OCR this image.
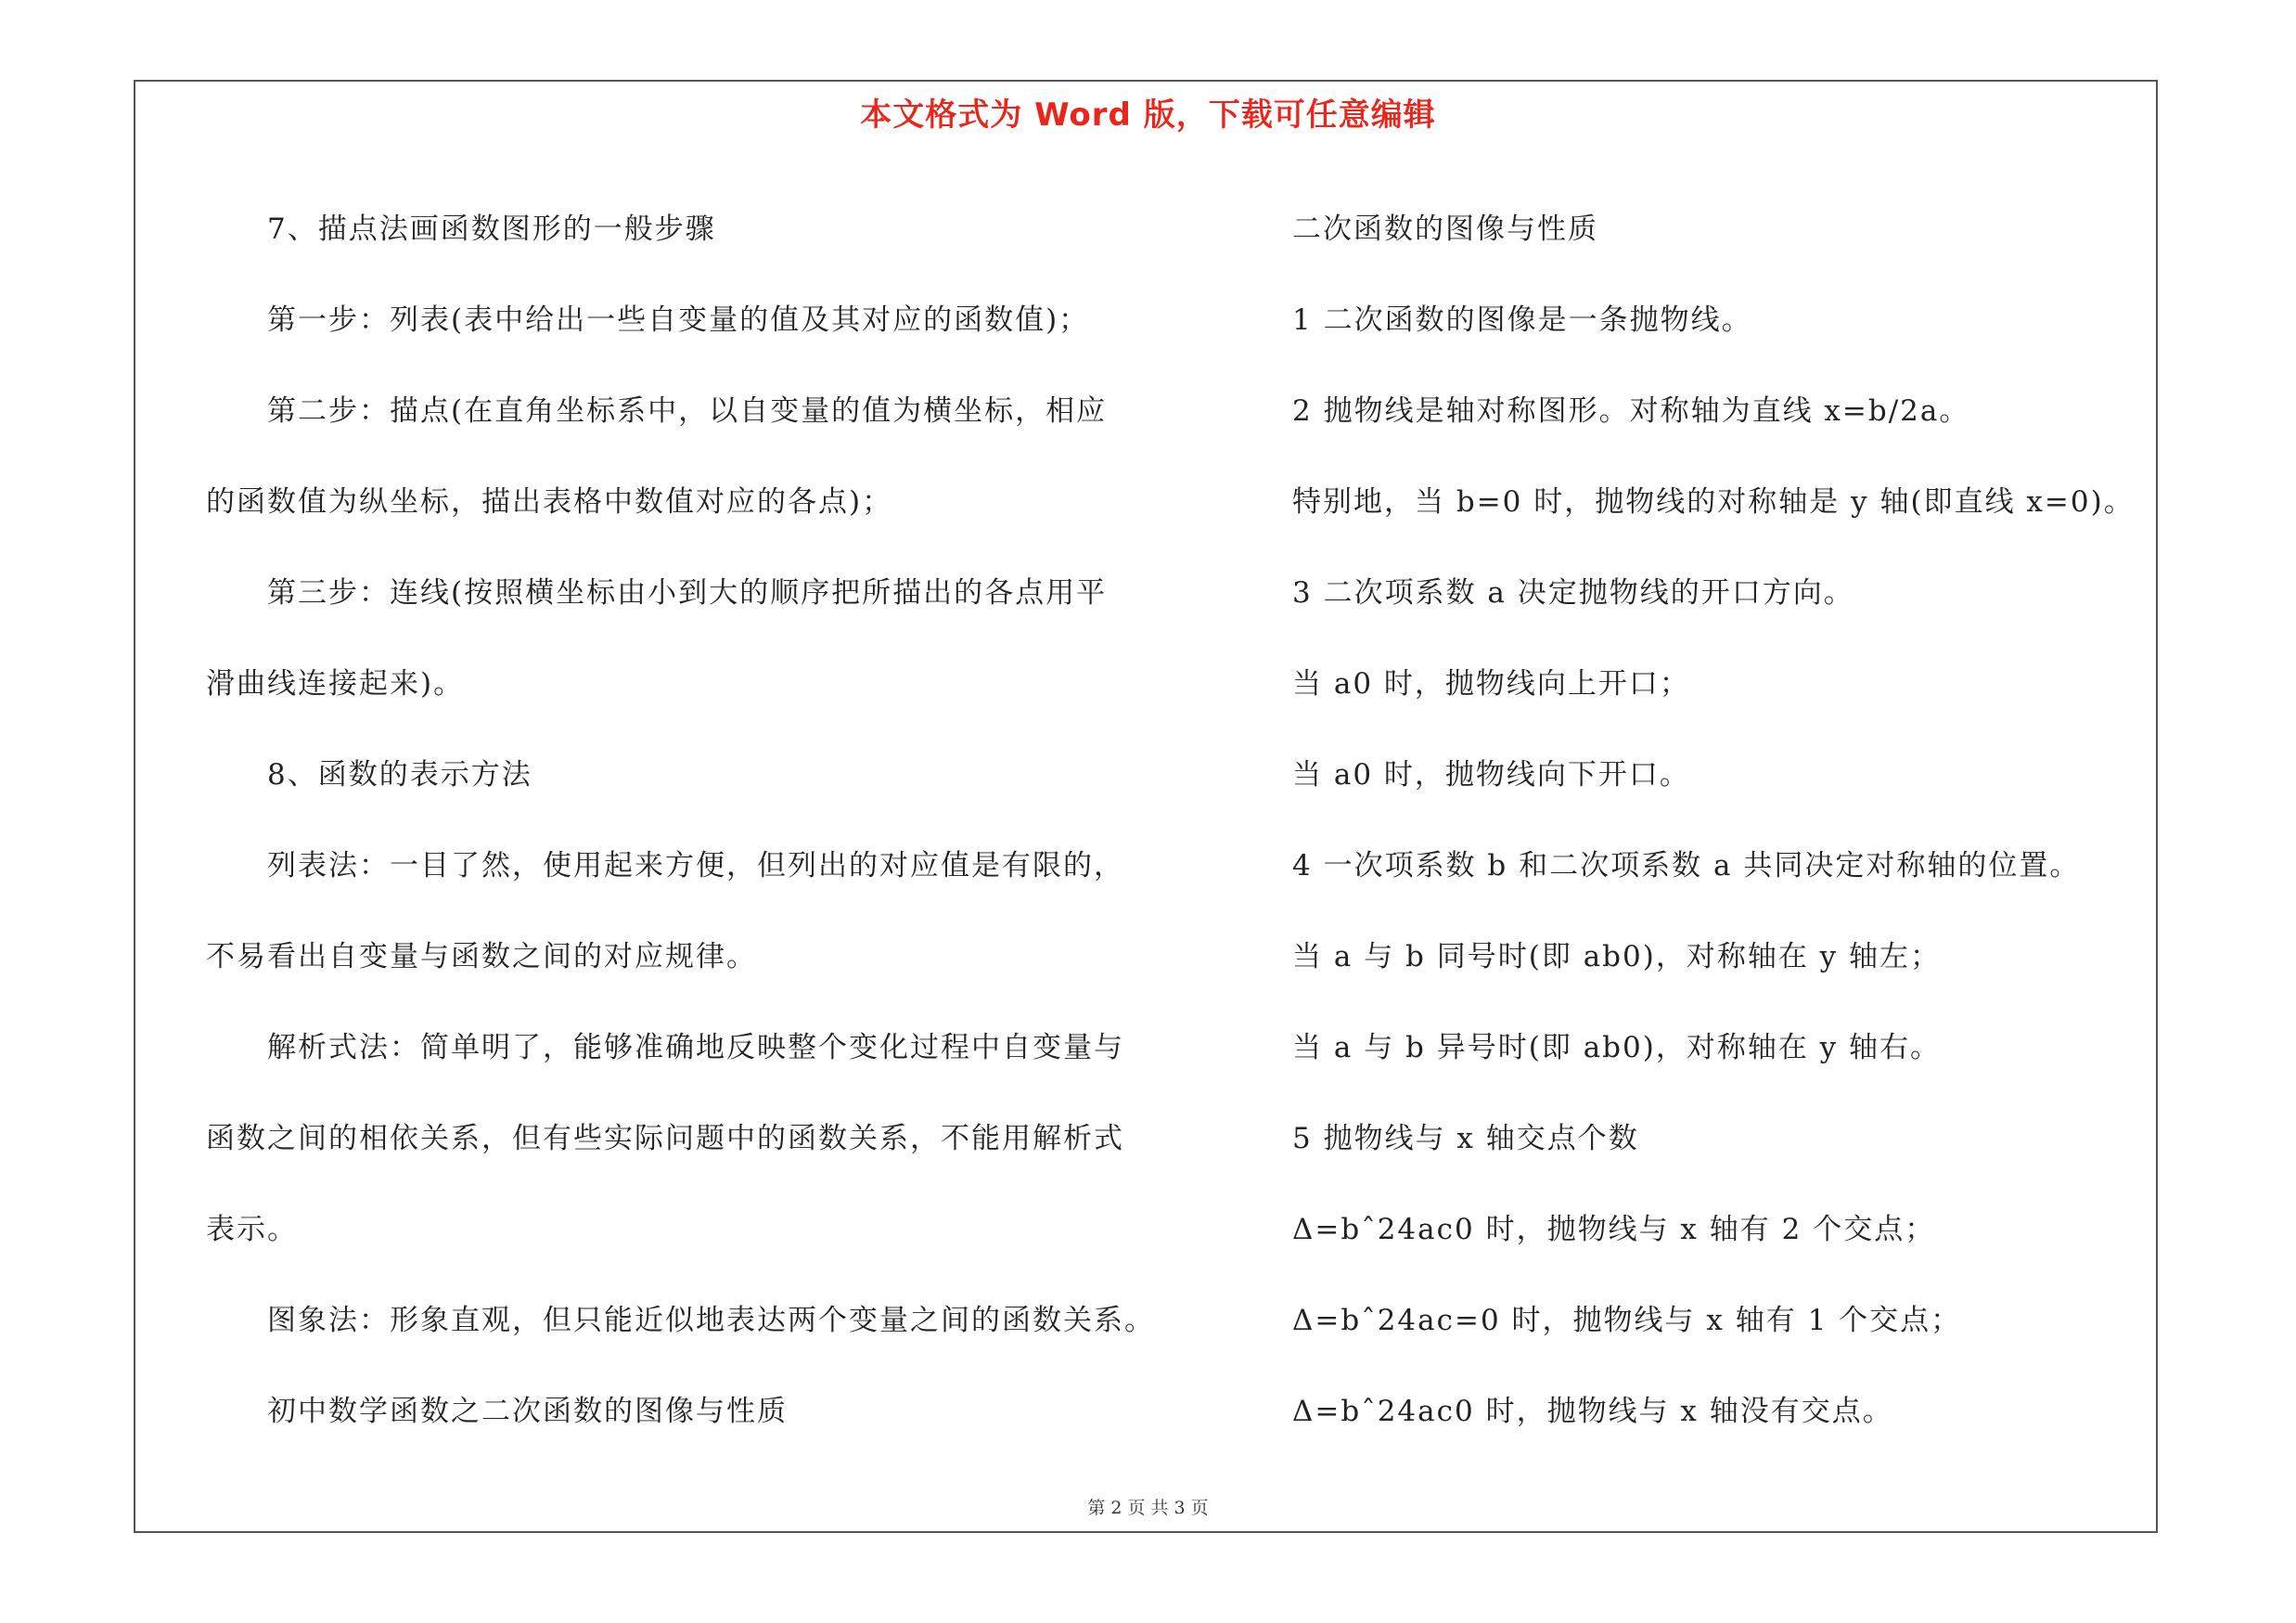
本文格式为 Word 版，下载可任意编辑
7、描点法画函数图形的一般步骤
第一步：列表(表中给出一些自变量的值及其对应的函数值)；
第二步：描点(在直角坐标系中，以自变量的值为横坐标，相应
的函数值为纵坐标，描出表格中数值对应的各点)；
第三步：连线(按照横坐标由小到大的顺序把所描出的各点用平
滑曲线连接起来)。
8、函数的表示方法
列表法：一目了然，使用起来方便，但列出的对应值是有限的，
不易看出自变量与函数之间的对应规律。
解析式法：简单明了，能够准确地反映整个变化过程中自变量与
函数之间的相依关系，但有些实际问题中的函数关系，不能用解析式
表示。
图象法：形象直观，但只能近似地表达两个变量之间的函数关系。
初中数学函数之二次函数的图像与性质
二次函数的图像与性质
1 二次函数的图像是一条抛物线。
2 抛物线是轴对称图形。对称轴为直线 x=b/2a。
特别地，当 b=0 时，抛物线的对称轴是 y 轴(即直线 x=0)。
3 二次项系数 a 决定抛物线的开口方向。
当 a0 时，抛物线向上开口；
当 a0 时，抛物线向下开口。
4 一次项系数 b 和二次项系数 a 共同决定对称轴的位置。
当 a 与 b 同号时(即 ab0)，对称轴在 y 轴左；
当 a 与 b 异号时(即 ab0)，对称轴在 y 轴右。
5 抛物线与 x 轴交点个数
Δ=bˆ24ac0 时，抛物线与 x 轴有 2 个交点；
Δ=bˆ24ac=0 时，抛物线与 x 轴有 1 个交点；
Δ=bˆ24ac0 时，抛物线与 x 轴没有交点。
第 2 页 共 3 页
